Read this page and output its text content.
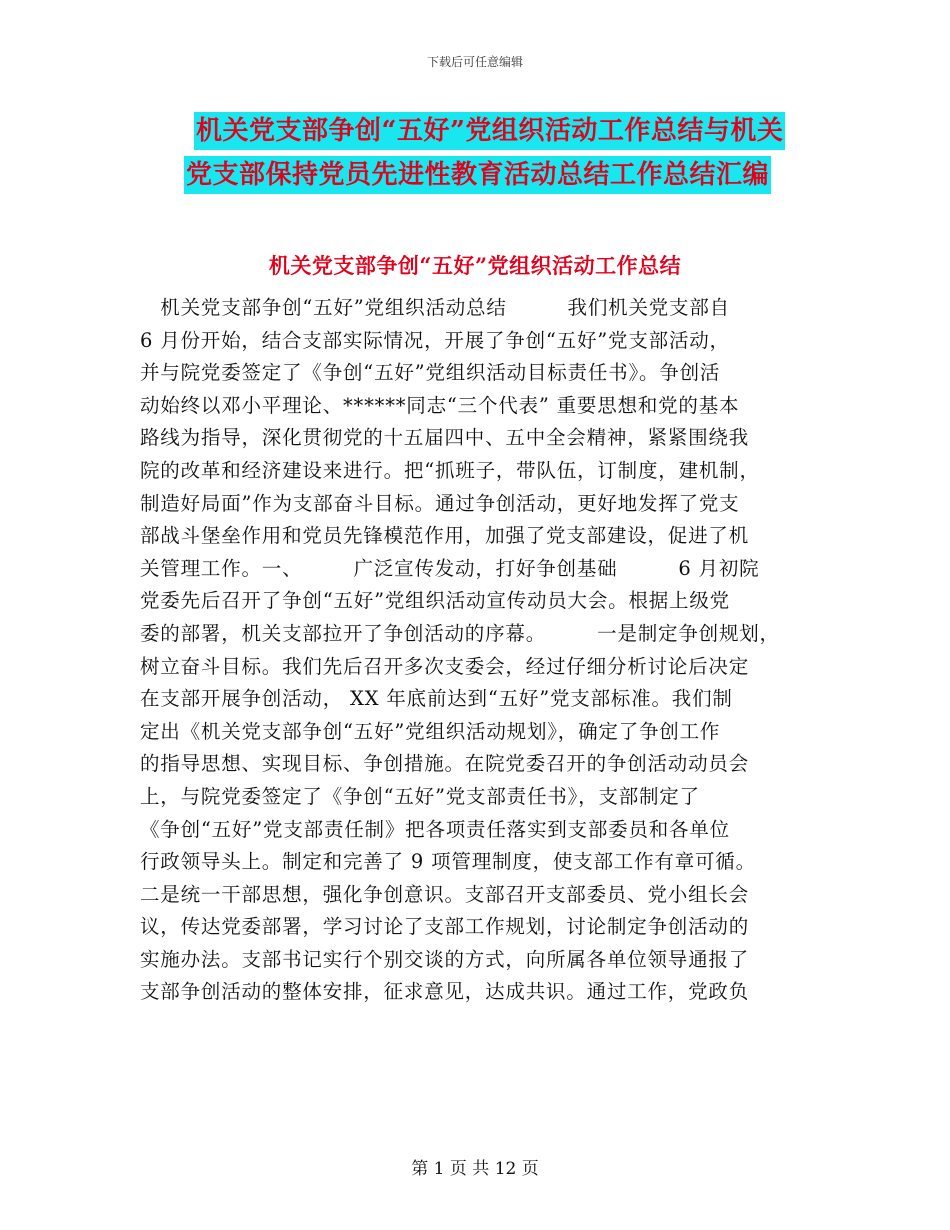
下载后可任意编辑
机关党支部争创“五好”党组织活动工作总结与机关
党支部保持党员先进性教育活动总结工作总结汇编
机关党支部争创“五好”党组织活动工作总结
　机关党支部争创“五好”党组织活动总结　　　我们机关党支部自
6 月份开始，结合支部实际情况，开展了争创“五好”党支部活动，
并与院党委签定了《争创“五好”党组织活动目标责任书》。争创活
动始终以邓小平理论、******同志“三个代表” 重要思想和党的基本
路线为指导，深化贯彻党的十五届四中、五中全会精神，紧紧围绕我
院的改革和经济建设来进行。把“抓班子，带队伍，订制度，建机制，
制造好局面”作为支部奋斗目标。通过争创活动，更好地发挥了党支
部战斗堡垒作用和党员先锋模范作用，加强了党支部建设，促进了机
关管理工作。一、　　　广泛宣传发动，打好争创基础　　　6 月初院
党委先后召开了争创“五好”党组织活动宣传动员大会。根据上级党
委的部署，机关支部拉开了争创活动的序幕。　　　一是制定争创规划，
树立奋斗目标。我们先后召开多次支委会，经过仔细分析讨论后决定
在支部开展争创活动， XX 年底前达到“五好”党支部标准。我们制
定出《机关党支部争创“五好”党组织活动规划》，确定了争创工作
的指导思想、实现目标、争创措施。在院党委召开的争创活动动员会
上，与院党委签定了《争创“五好”党支部责任书》，支部制定了
《争创“五好”党支部责任制》把各项责任落实到支部委员和各单位
行政领导头上。制定和完善了 9 项管理制度，使支部工作有章可循。
二是统一干部思想，强化争创意识。支部召开支部委员、党小组长会
议，传达党委部署，学习讨论了支部工作规划，讨论制定争创活动的
实施办法。支部书记实行个别交谈的方式，向所属各单位领导通报了
支部争创活动的整体安排，征求意见，达成共识。通过工作，党政负
第 1 页 共 12 页
